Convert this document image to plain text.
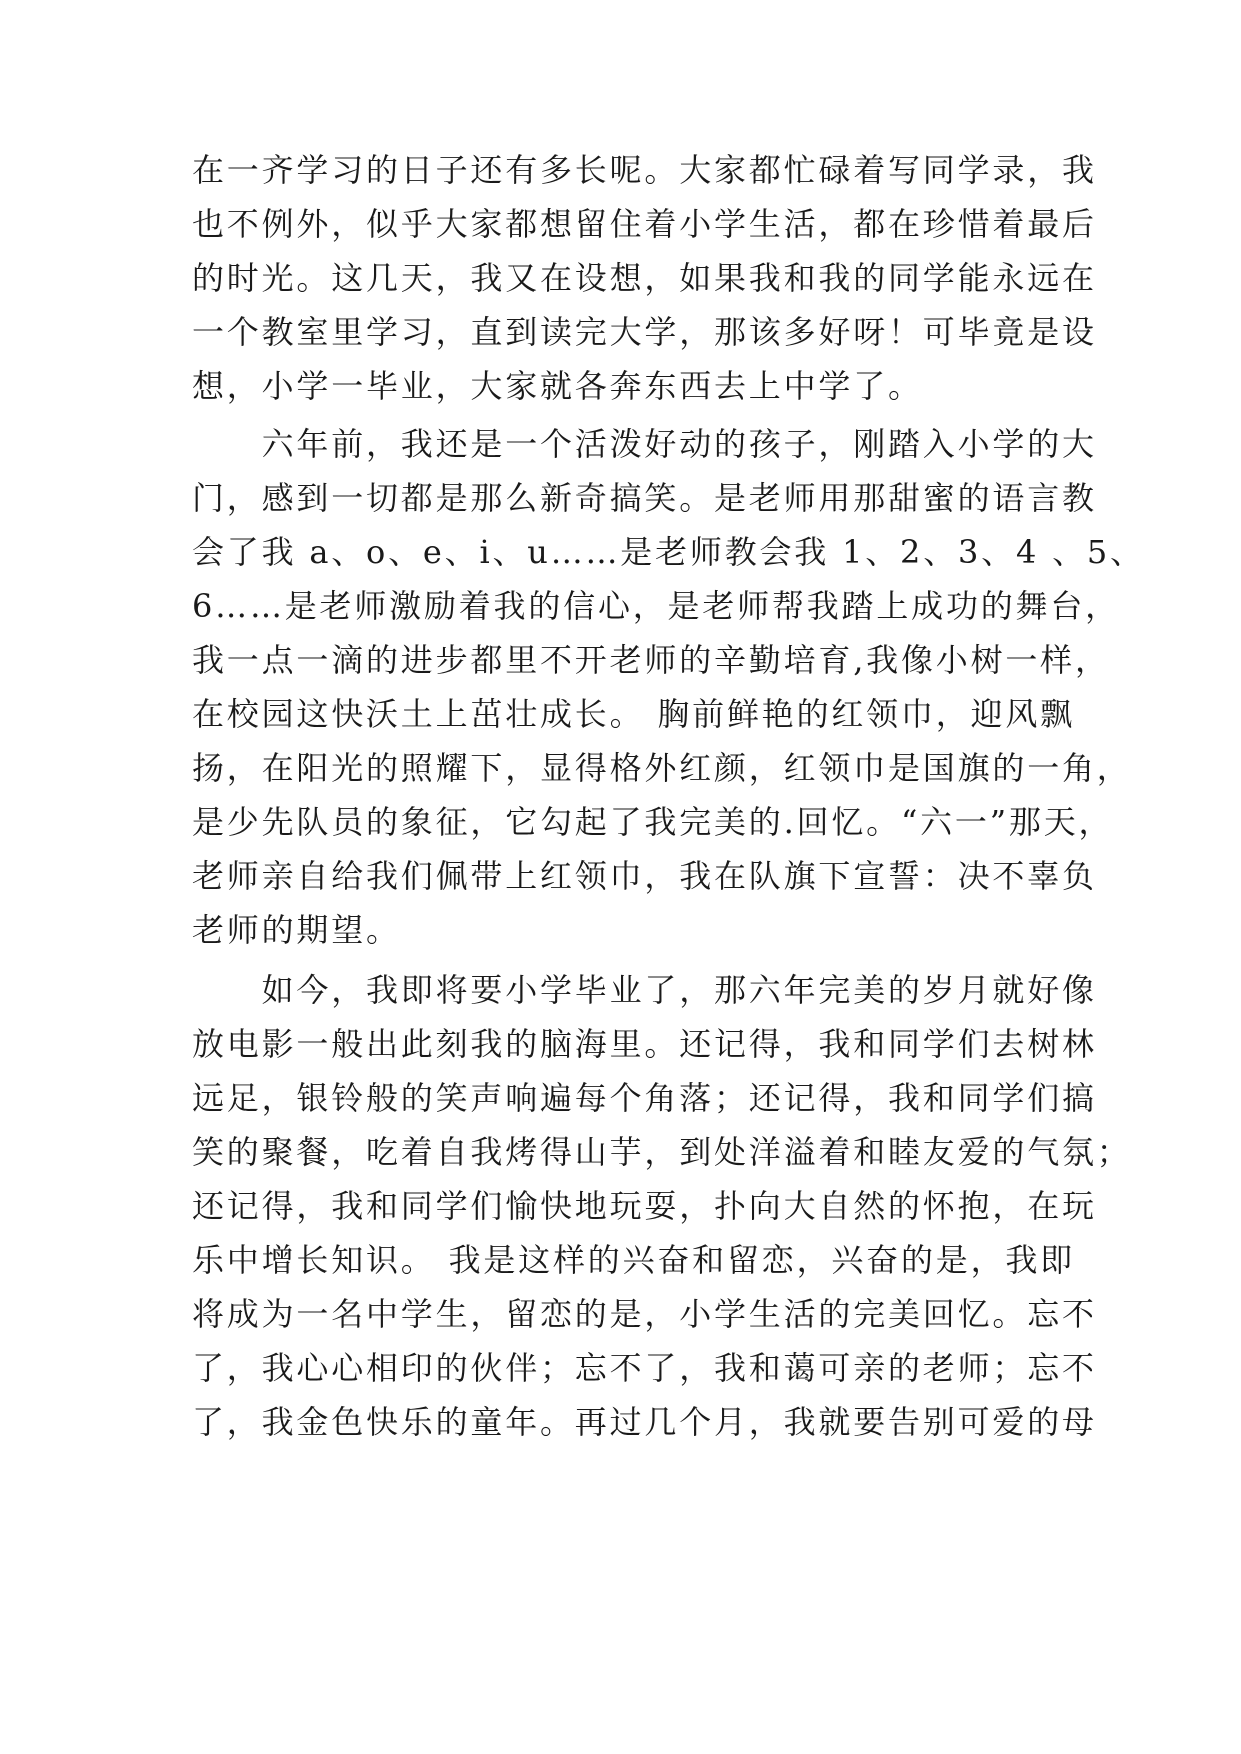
在一齐学习的日子还有多长呢。大家都忙碌着写同学录，我
也不例外，似乎大家都想留住着小学生活，都在珍惜着最后
的时光。这几天，我又在设想，如果我和我的同学能永远在
一个教室里学习，直到读完大学，那该多好呀！可毕竟是设
想，小学一毕业，大家就各奔东西去上中学了。
　　六年前，我还是一个活泼好动的孩子，刚踏入小学的大
门，感到一切都是那么新奇搞笑。是老师用那甜蜜的语言教
会了我 a、o、e、i、u……是老师教会我 1、2、3、4 、5、
6……是老师激励着我的信心，是老师帮我踏上成功的舞台，
我一点一滴的进步都里不开老师的辛勤培育,我像小树一样，
在校园这快沃土上茁壮成长。 胸前鲜艳的红领巾，迎风飘
扬，在阳光的照耀下，显得格外红颜，红领巾是国旗的一角，
是少先队员的象征，它勾起了我完美的.回忆。“六一”那天，
老师亲自给我们佩带上红领巾，我在队旗下宣誓：决不辜负
老师的期望。
　　如今，我即将要小学毕业了，那六年完美的岁月就好像
放电影一般出此刻我的脑海里。还记得，我和同学们去树林
远足，银铃般的笑声响遍每个角落；还记得，我和同学们搞
笑的聚餐，吃着自我烤得山芋，到处洋溢着和睦友爱的气氛；
还记得，我和同学们愉快地玩耍，扑向大自然的怀抱，在玩
乐中增长知识。 我是这样的兴奋和留恋，兴奋的是，我即
将成为一名中学生，留恋的是，小学生活的完美回忆。忘不
了，我心心相印的伙伴；忘不了，我和蔼可亲的老师；忘不
了，我金色快乐的童年。再过几个月，我就要告别可爱的母
